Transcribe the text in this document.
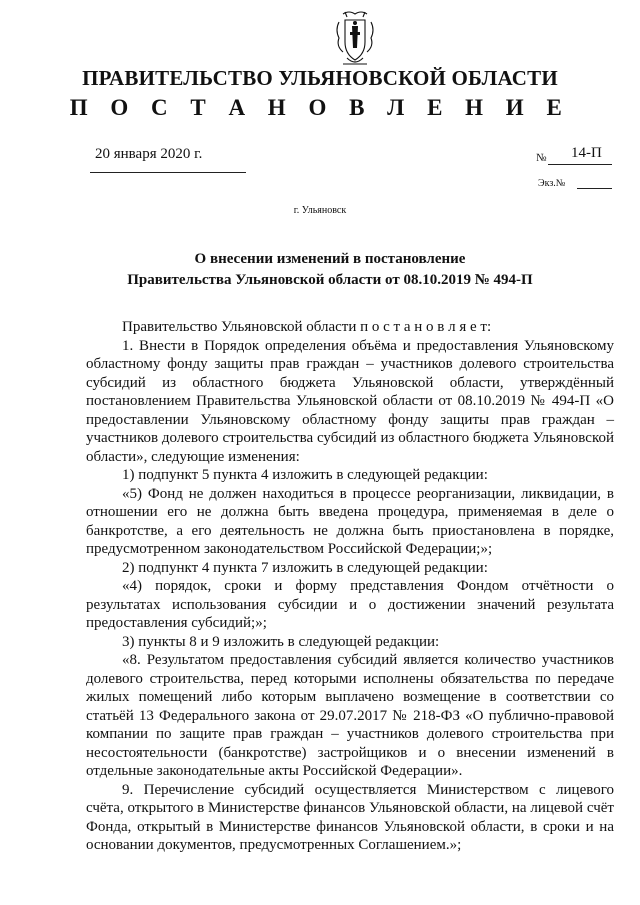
ПРАВИТЕЛЬСТВО УЛЬЯНОВСКОЙ ОБЛАСТИ
П О С Т А Н О В Л Е Н И Е
20 января 2020 г.	№ 14-П
Экз.№
г. Ульяновск
О внесении изменений в постановление
Правительства Ульяновской области от 08.10.2019 № 494-П

Правительство Ульяновской области п о с т а н о в л я е т:

1. Внести в Порядок определения объёма и предоставления Ульяновскому областному фонду защиты прав граждан – участников долевого строительства субсидий из областного бюджета Ульяновской области, утверждённый постановлением Правительства Ульяновской области от 08.10.2019 № 494-П «О предоставлении Ульяновскому областному фонду защиты прав граждан – участников долевого строительства субсидий из областного бюджета Ульяновской области», следующие изменения:

1) подпункт 5 пункта 4 изложить в следующей редакции:

«5) Фонд не должен находиться в процессе реорганизации, ликвидации, в отношении его не должна быть введена процедура, применяемая в деле о банкротстве, а его деятельность не должна быть приостановлена в порядке, предусмотренном законодательством Российской Федерации;»;

2) подпункт 4 пункта 7 изложить в следующей редакции:

«4) порядок, сроки и форму представления Фондом отчётности о результатах использования субсидии и о достижении значений результата предоставления субсидий;»;

3) пункты 8 и 9 изложить в следующей редакции:

«8. Результатом предоставления субсидий является количество участников долевого строительства, перед которыми исполнены обязательства по передаче жилых помещений либо которым выплачено возмещение в соответствии со статьёй 13 Федерального закона от 29.07.2017 № 218-ФЗ «О публично-правовой компании по защите прав граждан – участников долевого строительства при несостоятельности (банкротстве) застройщиков и о внесении изменений в отдельные законодательные акты Российской Федерации».

9. Перечисление субсидий осуществляется Министерством с лицевого счёта, открытого в Министерстве финансов Ульяновской области, на лицевой счёт Фонда, открытый в Министерстве финансов Ульяновской области, в сроки и на основании документов, предусмотренных Соглашением.»;
